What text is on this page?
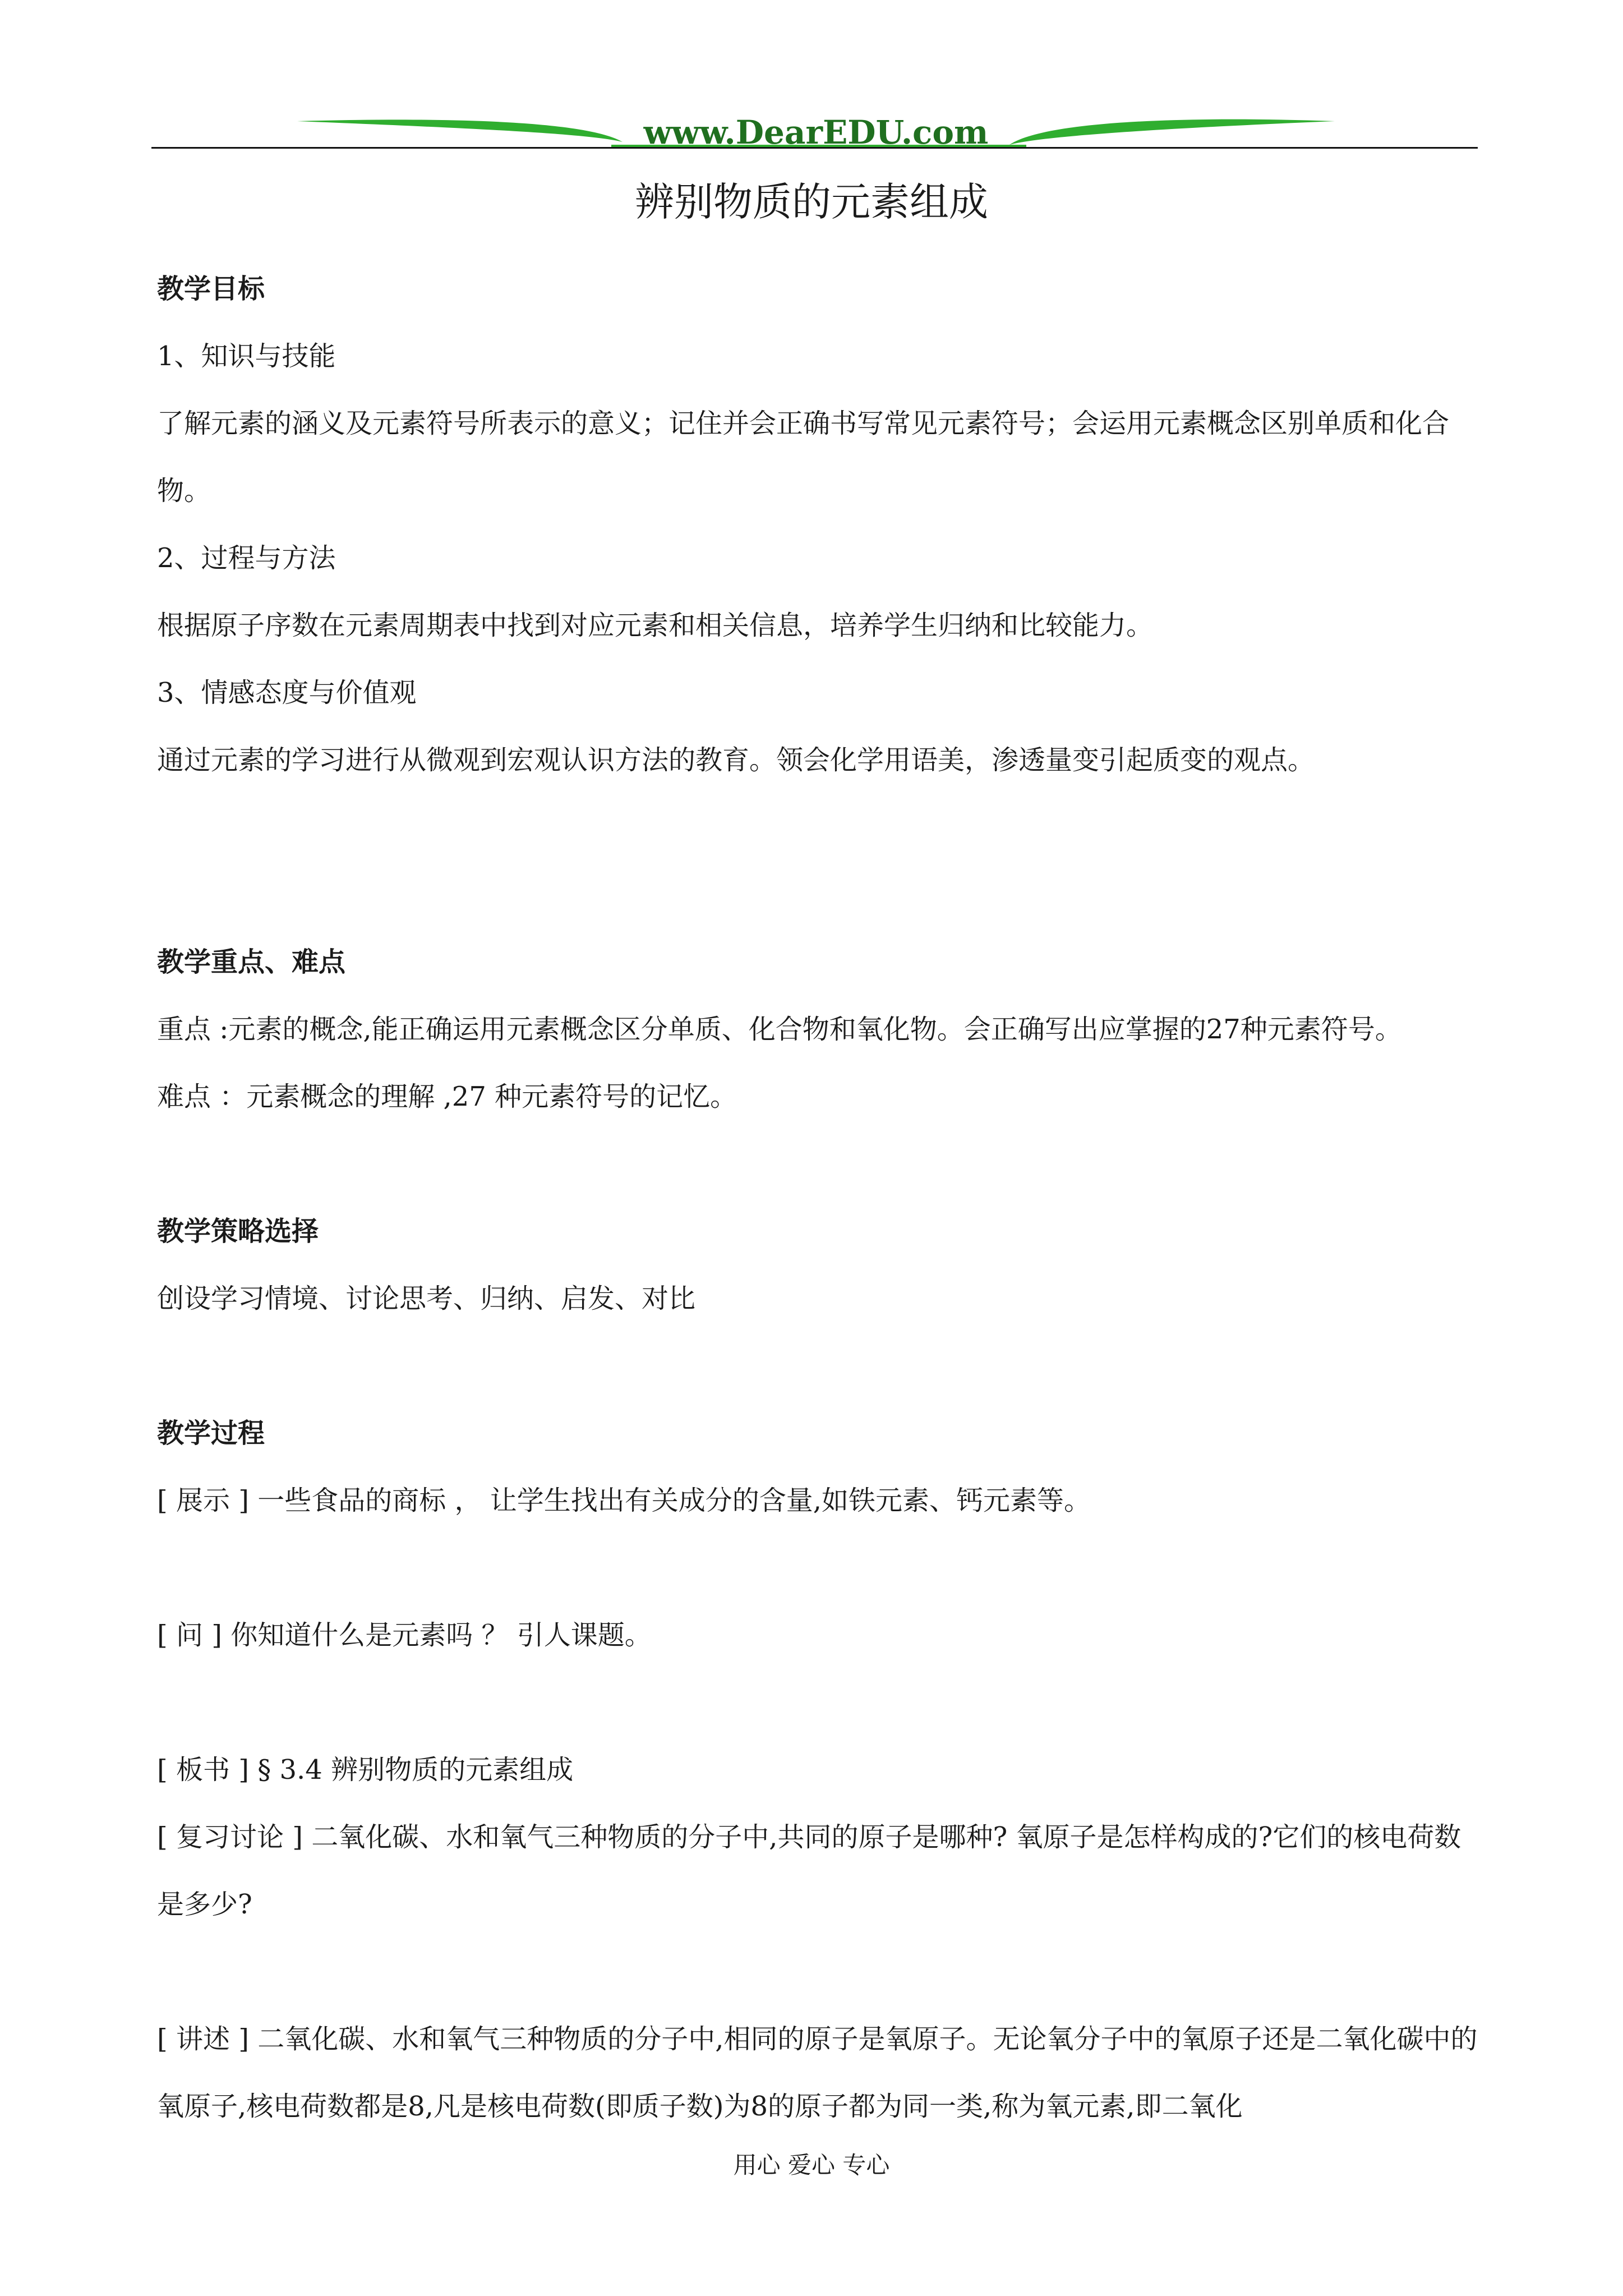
www.DearEDU.com
辨别物质的元素组成

教学目标

1、知识与技能

了解元素的涵义及元素符号所表示的意义；记住并会正确书写常见元素符号；会运用元素概念区别单质和化合物。

2、过程与方法

根据原子序数在元素周期表中找到对应元素和相关信息，培养学生归纳和比较能力。

3、情感态度与价值观

通过元素的学习进行从微观到宏观认识方法的教育。领会化学用语美，渗透量变引起质变的观点。

教学重点、难点

重点 :元素的概念,能正确运用元素概念区分单质、化合物和氧化物。会正确写出应掌握的27种元素符号。

难点 ：元素概念的理解 ,27 种元素符号的记忆。

教学策略选择

创设学习情境、讨论思考、归纳、启发、对比

教学过程

[ 展示 ] 一些食品的商标 ， 让学生找出有关成分的含量,如铁元素、钙元素等。

[ 问 ] 你知道什么是元素吗 ？ 引人课题。

[ 板书 ] § 3.4 辨别物质的元素组成

[ 复习讨论 ] 二氧化碳、水和氧气三种物质的分子中,共同的原子是哪种? 氧原子是怎样构成的?它们的核电荷数是多少?

[ 讲述 ] 二氧化碳、水和氧气三种物质的分子中,相同的原子是氧原子。无论氧分子中的氧原子还是二氧化碳中的氧原子,核电荷数都是8,凡是核电荷数(即质子数)为8的原子都为同一类,称为氧元素,即二氧化

用心 爱心 专心
